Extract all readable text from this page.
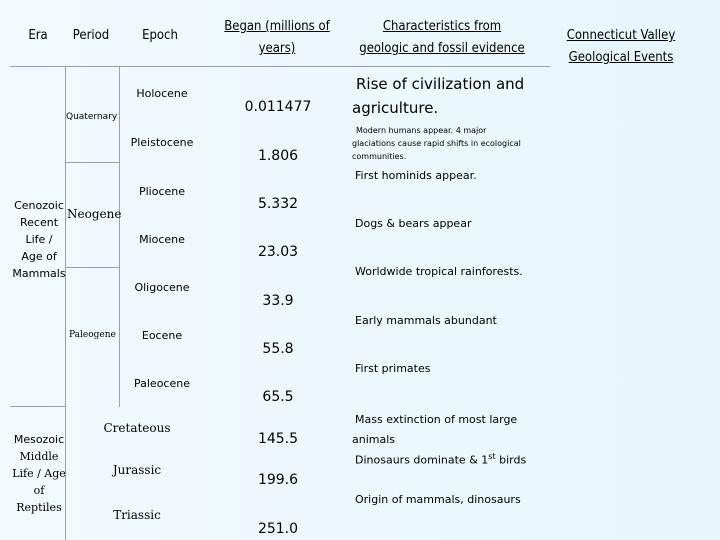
Era	Period	Epoch
Began (millions of
years)
Characteristics from
geologic and fossil evidence
Connecticut Valley
Geological Events
Cenozoic
Recent
Life /
Age of
Mammals
Mesozoic
Middle
Life / Age
of
Reptiles
Quaternary
Neogene
Paleogene
Holocene
Pleistocene
Pliocene
Miocene
Oligocene
Eocene
Paleocene
Cretateous
Jurassic
Triassic
0.011477
1.806
5.332
23.03
33.9
55.8
65.5
145.5
199.6
251.0
Rise of civilization and
agriculture.
Modern humans appear. 4 major
glaciations cause rapid shifts in ecological
communities.
First hominids appear.
Dogs & bears appear
Worldwide tropical rainforests.
Early mammals abundant
First primates
Mass extinction of most large
animals
Dinosaurs dominate & 1st birds
Origin of mammals, dinosaurs
